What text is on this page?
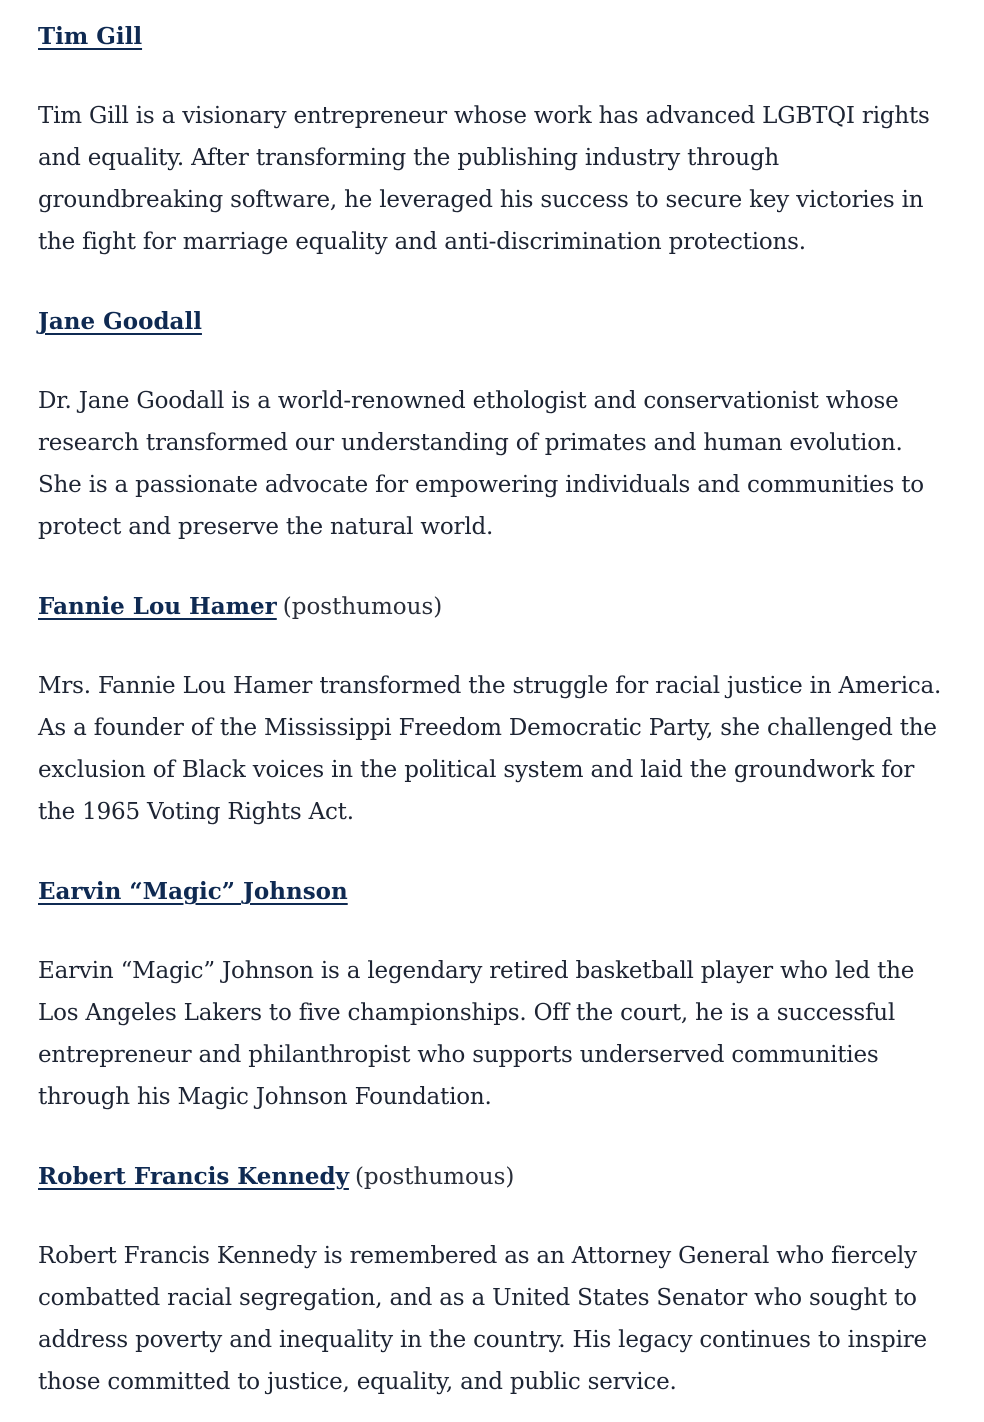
Tim Gill

Tim Gill is a visionary entrepreneur whose work has advanced LGBTQI rights
and equality. After transforming the publishing industry through
groundbreaking software, he leveraged his success to secure key victories in
the fight for marriage equality and anti-discrimination protections.

Jane Goodall

Dr. Jane Goodall is a world-renowned ethologist and conservationist whose
research transformed our understanding of primates and human evolution.
She is a passionate advocate for empowering individuals and communities to
protect and preserve the natural world.

Fannie Lou Hamer (posthumous)

Mrs. Fannie Lou Hamer transformed the struggle for racial justice in America.
As a founder of the Mississippi Freedom Democratic Party, she challenged the
exclusion of Black voices in the political system and laid the groundwork for
the 1965 Voting Rights Act.

Earvin “Magic” Johnson

Earvin “Magic” Johnson is a legendary retired basketball player who led the
Los Angeles Lakers to five championships. Off the court, he is a successful
entrepreneur and philanthropist who supports underserved communities
through his Magic Johnson Foundation.

Robert Francis Kennedy (posthumous)

Robert Francis Kennedy is remembered as an Attorney General who fiercely
combatted racial segregation, and as a United States Senator who sought to
address poverty and inequality in the country. His legacy continues to inspire
those committed to justice, equality, and public service.
